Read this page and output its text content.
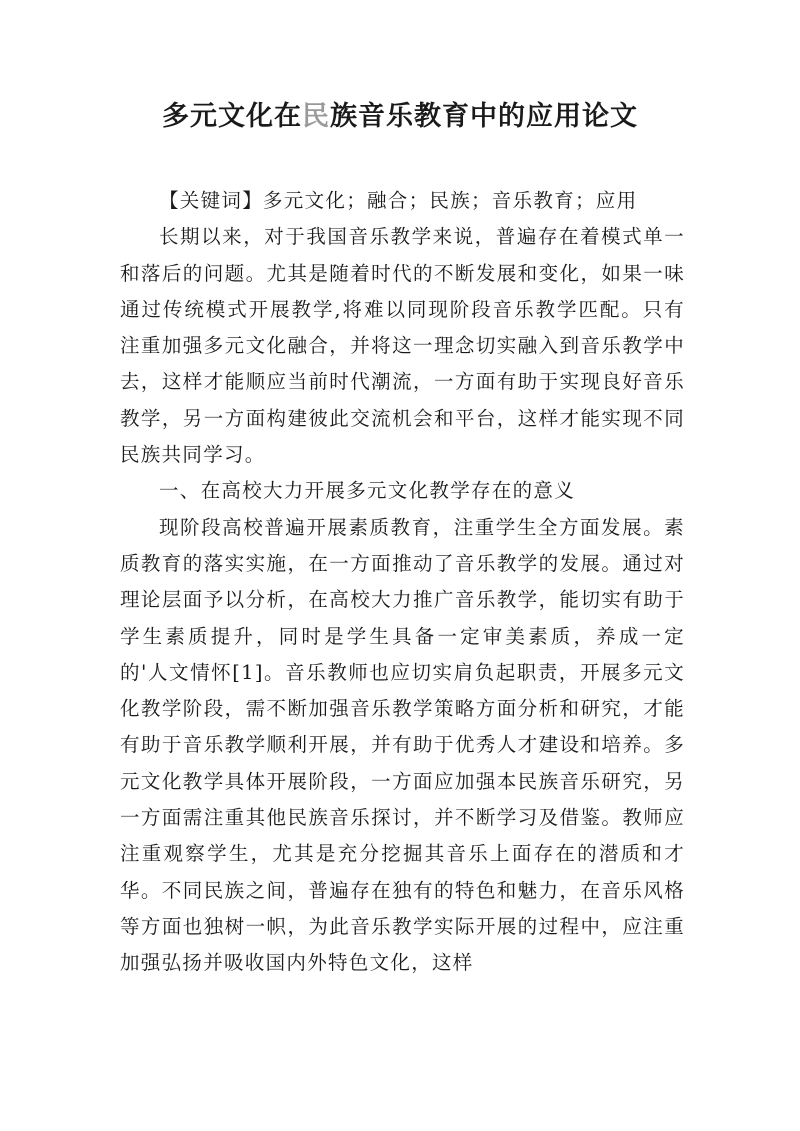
多元文化在民族音乐教育中的应用论文

【关键词】多元文化；融合；民族；音乐教育；应用

长期以来，对于我国音乐教学来说，普遍存在着模式单一和落后的问题。尤其是随着时代的不断发展和变化，如果一味通过传统模式开展教学,将难以同现阶段音乐教学匹配。只有注重加强多元文化融合，并将这一理念切实融入到音乐教学中去，这样才能顺应当前时代潮流，一方面有助于实现良好音乐教学，另一方面构建彼此交流机会和平台，这样才能实现不同民族共同学习。

一、在高校大力开展多元文化教学存在的意义

现阶段高校普遍开展素质教育，注重学生全方面发展。素质教育的落实实施，在一方面推动了音乐教学的发展。通过对理论层面予以分析，在高校大力推广音乐教学，能切实有助于学生素质提升，同时是学生具备一定审美素质，养成一定的'人文情怀[1]。音乐教师也应切实肩负起职责，开展多元文化教学阶段，需不断加强音乐教学策略方面分析和研究，才能有助于音乐教学顺利开展，并有助于优秀人才建设和培养。多元文化教学具体开展阶段，一方面应加强本民族音乐研究，另一方面需注重其他民族音乐探讨，并不断学习及借鉴。教师应注重观察学生，尤其是充分挖掘其音乐上面存在的潜质和才华。不同民族之间，普遍存在独有的特色和魅力，在音乐风格等方面也独树一帜，为此音乐教学实际开展的过程中，应注重加强弘扬并吸收国内外特色文化，这样
